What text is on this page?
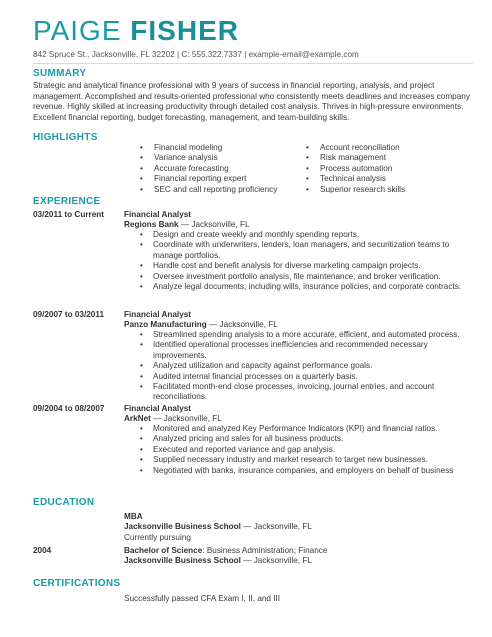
PAIGE FISHER
842 Spruce St., Jacksonville, FL 32202 | C: 555.322.7337 | example-email@example.com
SUMMARY
Strategic and analytical finance professional with 9 years of success in financial reporting, analysis, and project management. Accomplished and results-oriented professional who consistently meets deadlines and increases company revenue. Highly skilled at increasing productivity through detailed cost analysis. Thrives in high-pressure environments. Excellent financial reporting, budget forecasting, management, and team-building skills.
HIGHLIGHTS
• Financial modeling
• Variance analysis
• Accurate forecasting
• Financial reporting expert
• SEC and call reporting proficiency
• Account reconciliation
• Risk management
• Process automation
• Technical analysis
• Superior research skills
EXPERIENCE
03/2011 to Current Financial Analyst
Regions Bank — Jacksonville, FL
• Design and create weekly and monthly spending reports.
• Coordinate with underwriters, lenders, loan managers, and securitization teams to manage portfolios.
• Handle cost and benefit analysis for diverse marketing campaign projects.
• Oversee investment portfolio analysis, file maintenance, and broker verification.
• Analyze legal documents, including wills, insurance policies, and corporate contracts.
09/2007 to 03/2011 Financial Analyst
Panzo Manufacturing — Jacksonville, FL
• Streamlined spending analysis to a more accurate, efficient, and automated process.
• Identified operational processes inefficiencies and recommended necessary improvements.
• Analyzed utilization and capacity against performance goals.
• Audited internal financial processes on a quarterly basis.
• Facilitated month-end close processes, invoicing, journal entries, and account reconciliations.
09/2004 to 08/2007 Financial Analyst
ArkNet — Jacksonville, FL
• Monitored and analyzed Key Performance Indicators (KPI) and financial ratios.
• Analyzed pricing and sales for all business products.
• Executed and reported variance and gap analysis.
• Supplied necessary industry and market research to target new businesses.
• Negotiated with banks, insurance companies, and employers on behalf of business
EDUCATION
MBA
Jacksonville Business School — Jacksonville, FL
Currently pursuing
2004	Bachelor of Science: Business Administration; Finance
Jacksonville Business School — Jacksonville, FL
CERTIFICATIONS
Successfully passed CFA Exam I, II, and III
